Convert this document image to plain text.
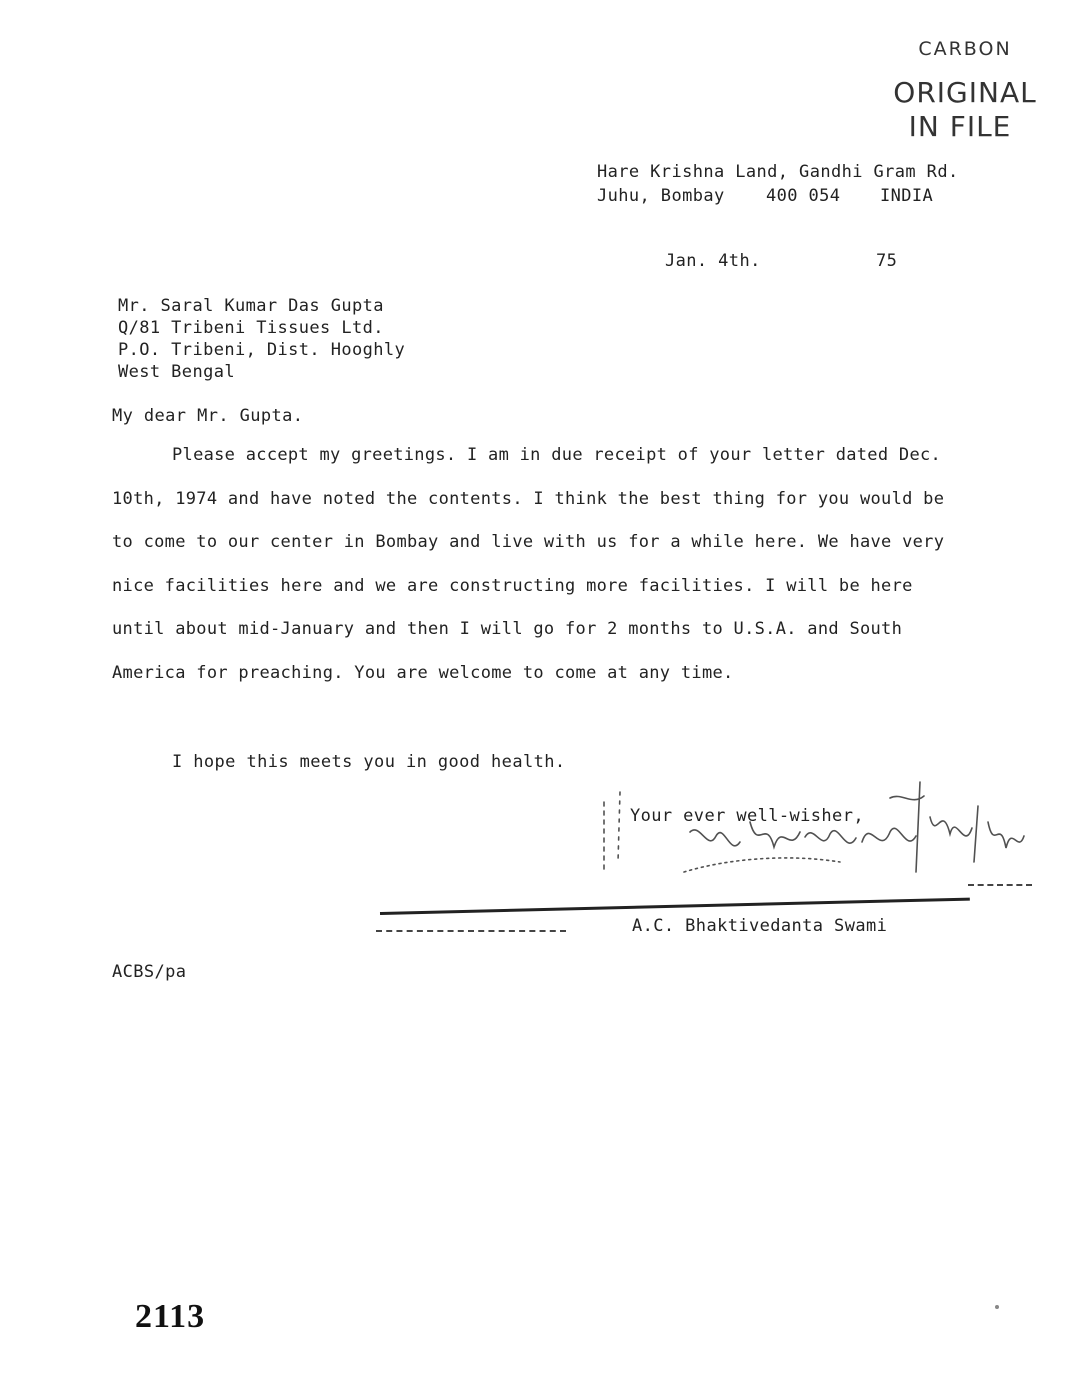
CARBON
ORIGINAL
IN FILE
Hare Krishna Land, Gandhi Gram Rd.
Juhu, Bombay 400 054 INDIA
Jan. 4th.	75
Mr. Saral Kumar Das Gupta
Q/81 Tribeni Tissues Ltd.
P.O. Tribeni, Dist. Hooghly
West Bengal
My dear Mr. Gupta.
Please accept my greetings. I am in due receipt of your letter dated Dec. 10th, 1974 and have noted the contents. I think the best thing for you would be to come to our center in Bombay and live with us for a while here. We have very nice facilities here and we are constructing more facilities. I will be here until about mid-January and then I will go for 2 months to U.S.A. and South America for preaching. You are welcome to come at any time.
I hope this meets you in good health.
Your ever well-wisher,
A.C. Bhaktivedanta Swami
ACBS/pa
2113
